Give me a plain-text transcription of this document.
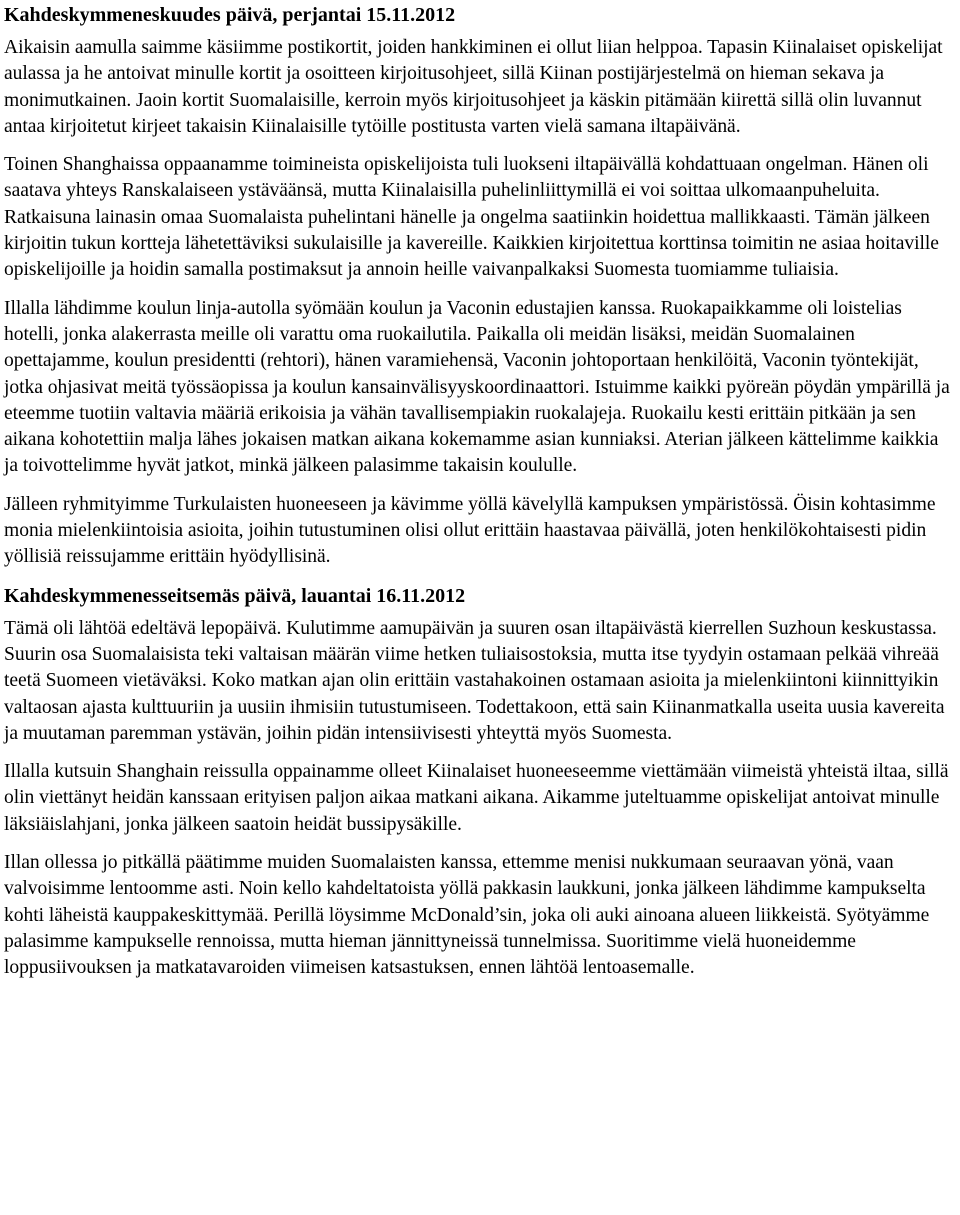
Kahdeskymmeneskuudes päivä, perjantai 15.11.2012

Aikaisin aamulla saimme käsiimme postikortit, joiden hankkiminen ei ollut liian helppoa. Tapasin Kiinalaiset opiskelijat aulassa ja he antoivat minulle kortit ja osoitteen kirjoitusohjeet, sillä Kiinan postijärjestelmä on hieman sekava ja monimutkainen. Jaoin kortit Suomalaisille, kerroin myös kirjoitusohjeet ja käskin pitämään kiirettä sillä olin luvannut antaa kirjoitetut kirjeet takaisin Kiinalaisille tytöille postitusta varten vielä samana iltapäivänä.

Toinen Shanghaissa oppaanamme toimineista opiskelijoista tuli luokseni iltapäivällä kohdattuaan ongelman. Hänen oli saatava yhteys Ranskalaiseen ystäväänsä, mutta Kiinalaisilla puhelinliittymillä ei voi soittaa ulkomaanpuheluita. Ratkaisuna lainasin omaa Suomalaista puhelintani hänelle ja ongelma saatiinkin hoidettua mallikkaasti. Tämän jälkeen kirjoitin tukun kortteja lähetettäviksi sukulaisille ja kavereille. Kaikkien kirjoitettua korttinsa toimitin ne asiaa hoitaville opiskelijoille ja hoidin samalla postimaksut ja annoin heille vaivanpalkaksi Suomesta tuomiamme tuliaisia.

Illalla lähdimme koulun linja-autolla syömään koulun ja Vaconin edustajien kanssa. Ruokapaikkamme oli loistelias hotelli, jonka alakerrasta meille oli varattu oma ruokailutila. Paikalla oli meidän lisäksi, meidän Suomalainen opettajamme, koulun presidentti (rehtori), hänen varamiehensä, Vaconin johtoportaan henkilöitä, Vaconin työntekijät, jotka ohjasivat meitä työssäopissa ja koulun kansainvälisyyskoordinaattori. Istuimme kaikki pyöreän pöydän ympärillä ja eteemme tuotiin valtavia määriä erikoisia ja vähän tavallisempiakin ruokalajeja. Ruokailu kesti erittäin pitkään ja sen aikana kohotettiin malja lähes jokaisen matkan aikana kokemamme asian kunniaksi. Aterian jälkeen kättelimme kaikkia ja toivottelimme hyvät jatkot, minkä jälkeen palasimme takaisin koululle.

Jälleen ryhmityimme Turkulaisten huoneeseen ja kävimme yöllä kävelyllä kampuksen ympäristössä. Öisin kohtasimme monia mielenkiintoisia asioita, joihin tutustuminen olisi ollut erittäin haastavaa päivällä, joten henkilökohtaisesti pidin yöllisiä reissujamme erittäin hyödyllisinä.

Kahdeskymmenesseitsemäs päivä, lauantai 16.11.2012

Tämä oli lähtöä edeltävä lepopäivä. Kulutimme aamupäivän ja suuren osan iltapäivästä kierrellen Suzhoun keskustassa. Suurin osa Suomalaisista teki valtaisan määrän viime hetken tuliaisostoksia, mutta itse tyydyin ostamaan pelkää vihreää teetä Suomeen vietäväksi. Koko matkan ajan olin erittäin vastahakoinen ostamaan asioita ja mielenkiintoni kiinnittyikin valtaosan ajasta kulttuuriin ja uusiin ihmisiin tutustumiseen. Todettakoon, että sain Kiinanmatkalla useita uusia kavereita ja muutaman paremman ystävän, joihin pidän intensiivisesti yhteyttä myös Suomesta.

Illalla kutsuin Shanghain reissulla oppainamme olleet Kiinalaiset huoneeseemme viettämään viimeistä yhteistä iltaa, sillä olin viettänyt heidän kanssaan erityisen paljon aikaa matkani aikana. Aikamme juteltuamme opiskelijat antoivat minulle läksiäislahjani, jonka jälkeen saatoin heidät bussipysäkille.

Illan ollessa jo pitkällä päätimme muiden Suomalaisten kanssa, ettemme menisi nukkumaan seuraavan yönä, vaan valvoisimme lentoomme asti. Noin kello kahdeltatoista yöllä pakkasin laukkuni, jonka jälkeen lähdimme kampukselta kohti läheistä kauppakeskittymää. Perillä löysimme McDonald’sin, joka oli auki ainoana alueen liikkeistä. Syötyämme palasimme kampukselle rennoissa, mutta hieman jännittyneissä tunnelmissa. Suoritimme vielä huoneidemme loppusiivouksen ja matkatavaroiden viimeisen katsastuksen, ennen lähtöä lentoasemalle.
